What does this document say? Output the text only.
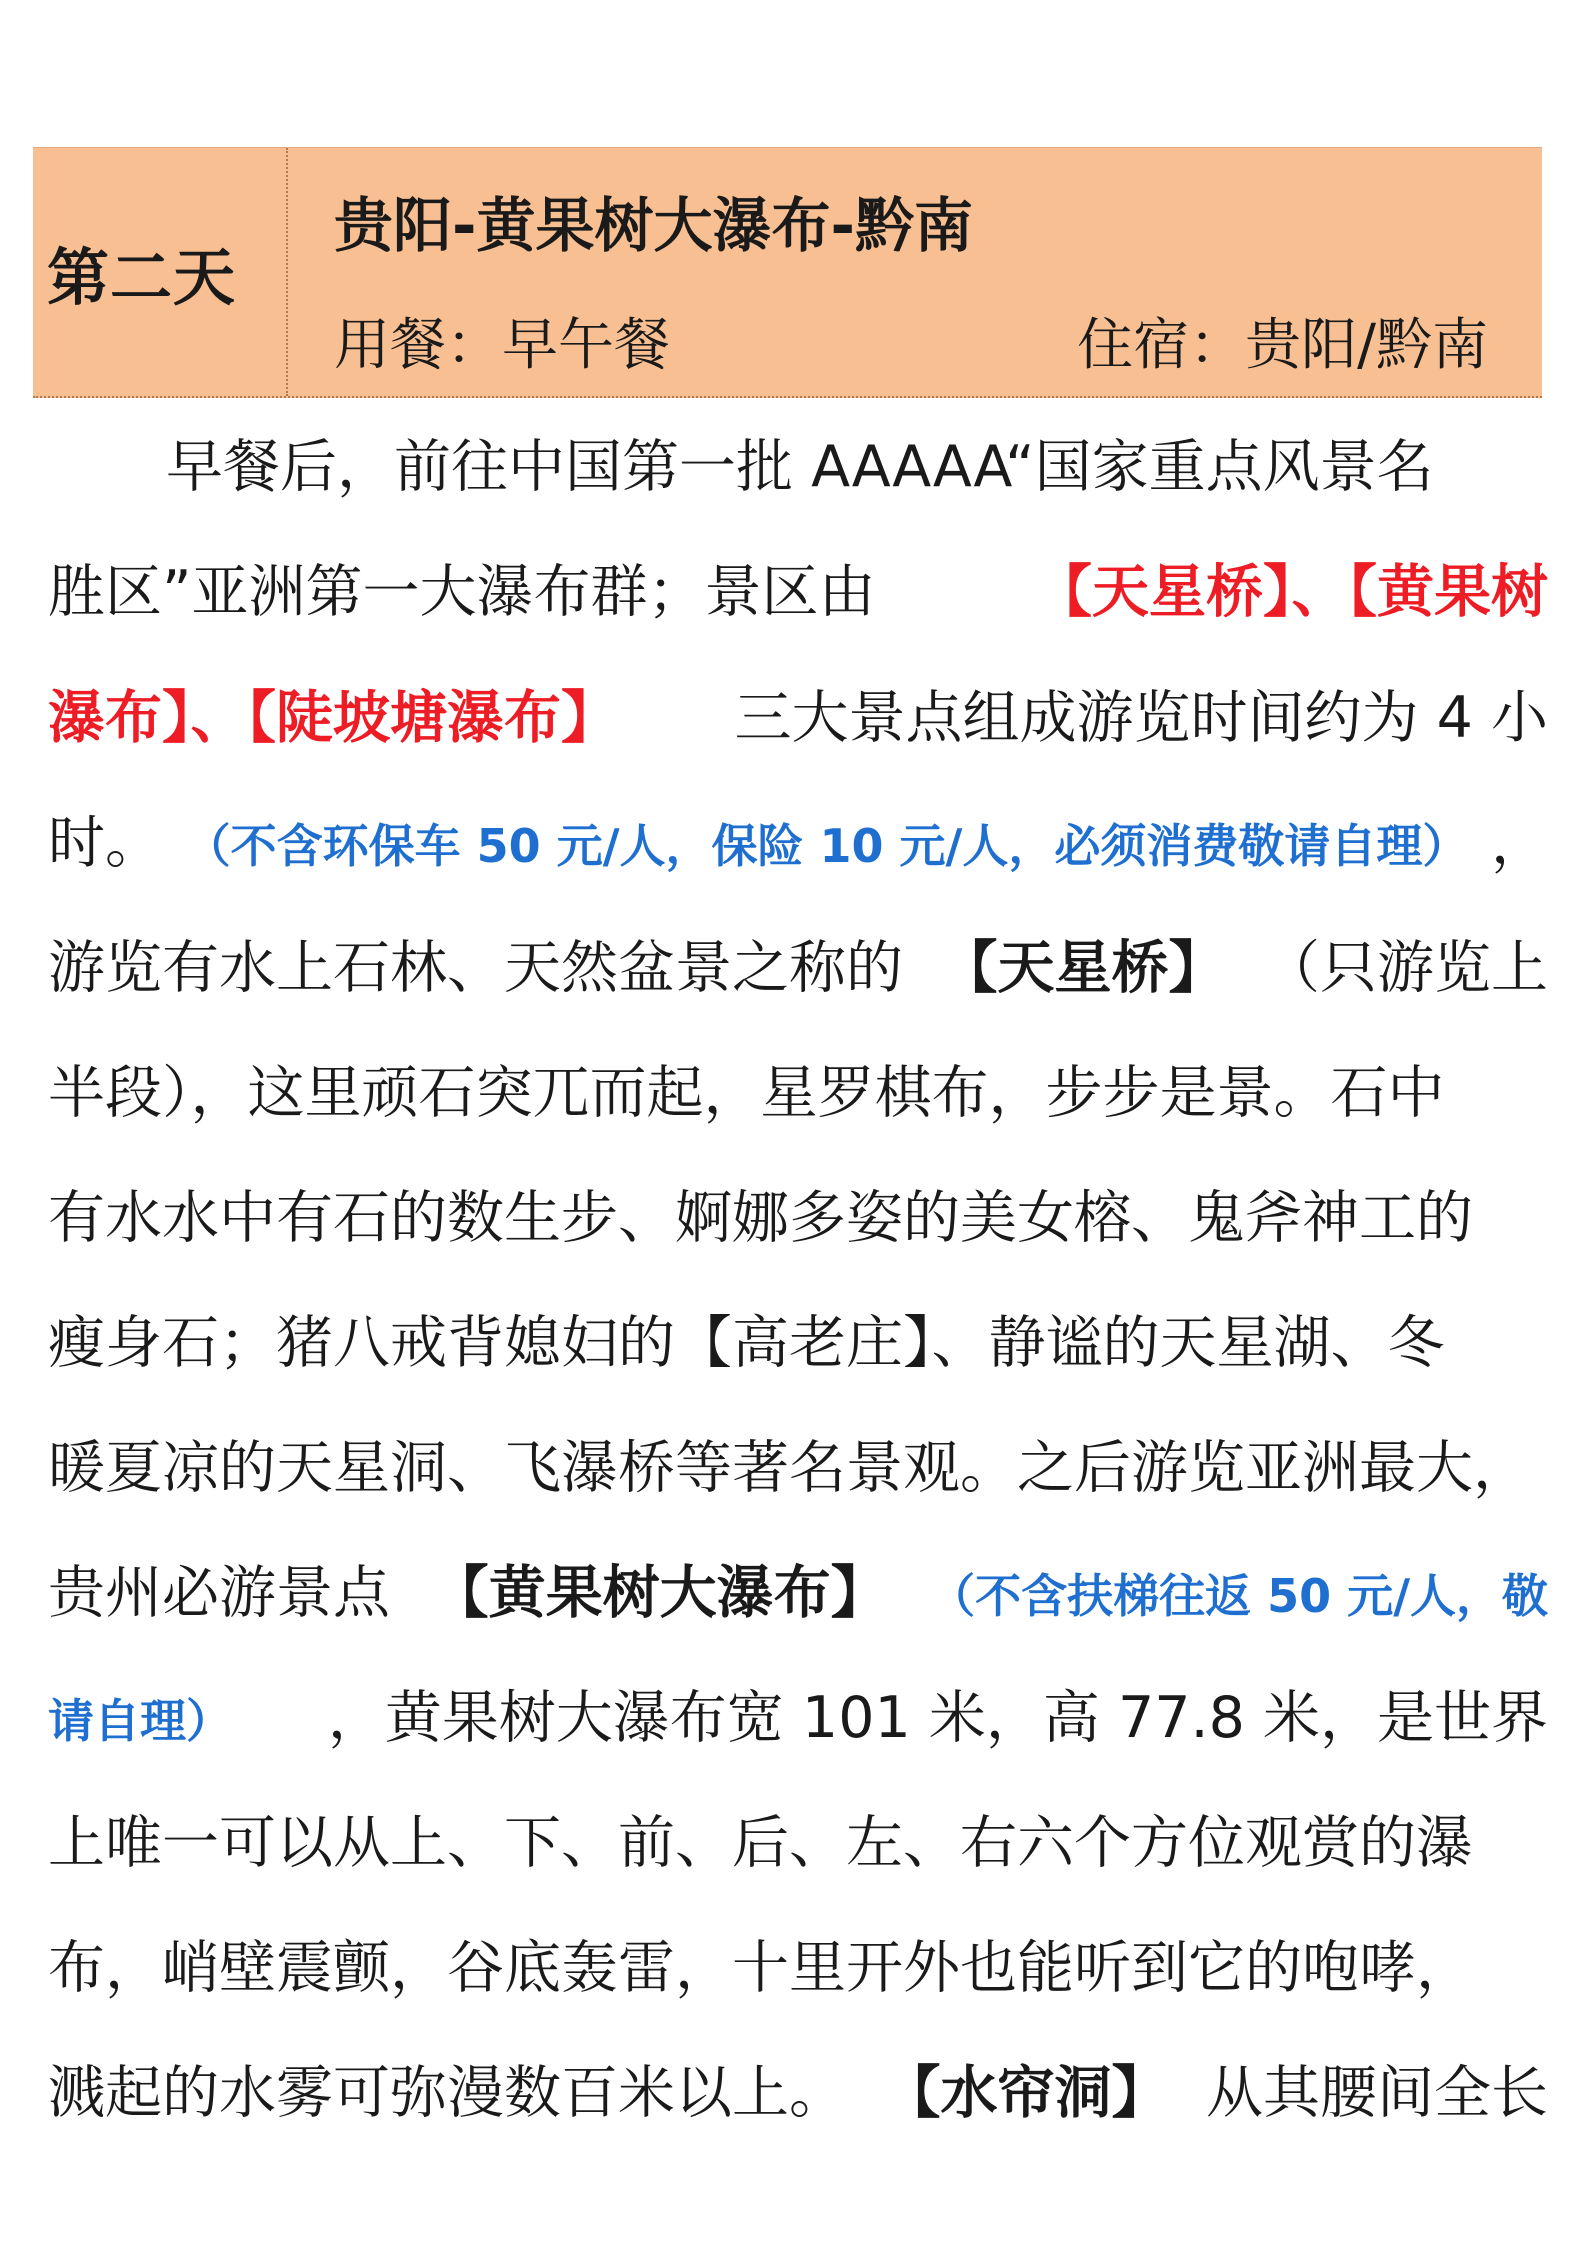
第二天
贵阳-黄果树大瀑布-黔南
用餐：早午餐	住宿：贵阳/黔南
早餐后，前往中国第一批 AAAAA“国家重点风景名
胜区”亚洲第一大瀑布群；景区由	【天星桥】、【黄果树
瀑布】、【陡坡塘瀑布】 三大景点组成游览时间约为 4 小
时。 （不含环保车 50 元/人，保险 10 元/人，必须消费敬请自理） ，
游览有水上石林、天然盆景之称的 【天星桥】 （只游览上
半段），这里顽石突兀而起，星罗棋布，步步是景。石中
有水水中有石的数生步、婀娜多姿的美女榕、鬼斧神工的
瘦身石；猪八戒背媳妇的【高老庄】、静谧的天星湖、冬
暖夏凉的天星洞、飞瀑桥等著名景观。之后游览亚洲最大，
贵州必游景点 【黄果树大瀑布】 （不含扶梯往返 50 元/人，敬
请自理） ，黄果树大瀑布宽 101 米，高 77.8 米，是世界
上唯一可以从上、下、前、后、左、右六个方位观赏的瀑
布，峭壁震颤，谷底轰雷，十里开外也能听到它的咆哮，
溅起的水雾可弥漫数百米以上。 【水帘洞】 从其腰间全长
